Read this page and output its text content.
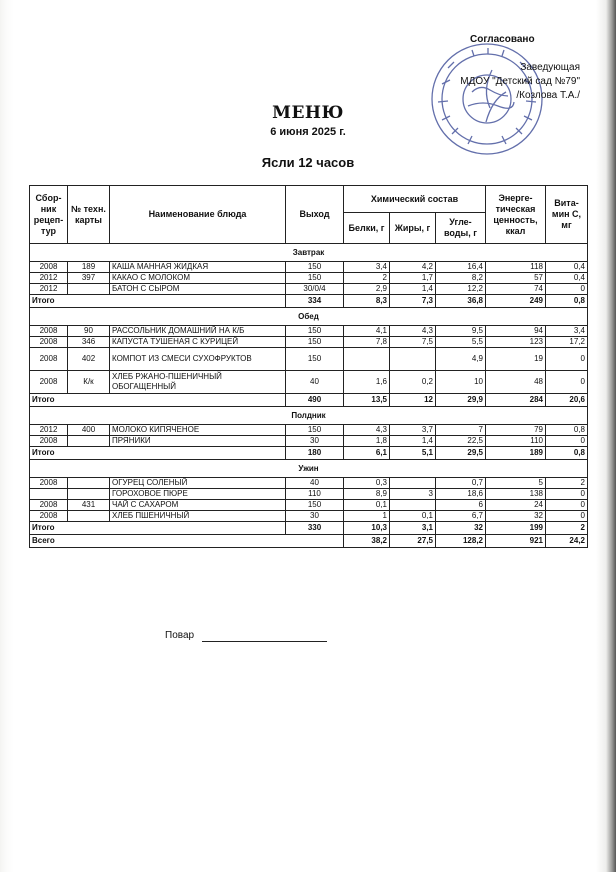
Согласовано
Заведующая
МДОУ "Детский сад №79"
/Козлова Т.А./
МЕНЮ
6 июня 2025 г.
Ясли 12 часов
Сбор-ник рецеп-тур	№ техн. карты	Наименование блюда	Выход	Химический состав			Энерге-тическая ценность, ккал	Вита-мин С, мг
				Белки, г	Жиры, г	Угле-воды, г		
Завтрак								
2008	189	КАША МАННАЯ ЖИДКАЯ	150	3,4	4,2	16,4	118	0,4
2012	397	КАКАО С МОЛОКОМ	150	2	1,7	8,2	57	0,4
2012		БАТОН С СЫРОМ	30/0/4	2,9	1,4	12,2	74	0
Итого			334	8,3	7,3	36,8	249	0,8
Обед								
2008	90	РАССОЛЬНИК ДОМАШНИЙ НА К/Б	150	4,1	4,3	9,5	94	3,4
2008	346	КАПУСТА ТУШЕНАЯ С КУРИЦЕЙ	150	7,8	7,5	5,5	123	17,2
2008	402	КОМПОТ ИЗ СМЕСИ СУХОФРУКТОВ	150			4,9	19	0
2008	К/к	ХЛЕБ РЖАНО-ПШЕНИЧНЫЙ ОБОГАЩЕННЫЙ	40	1,6	0,2	10	48	0
Итого			490	13,5	12	29,9	284	20,6
Полдник								
2012	400	МОЛОКО КИПЯЧЕНОЕ	150	4,3	3,7	7	79	0,8
2008		ПРЯНИКИ	30	1,8	1,4	22,5	110	0
Итого			180	6,1	5,1	29,5	189	0,8
Ужин								
2008		ОГУРЕЦ СОЛЕНЫЙ	40	0,3		0,7	5	2
		ГОРОХОВОЕ ПЮРЕ	110	8,9	3	18,6	138	0
2008	431	ЧАЙ С САХАРОМ	150	0,1		6	24	0
2008		ХЛЕБ ПШЕНИЧНЫЙ	30	1	0,1	6,7	32	0
Итого			330	10,3	3,1	32	199	2
Всего				38,2	27,5	128,2	921	24,2
Повар
